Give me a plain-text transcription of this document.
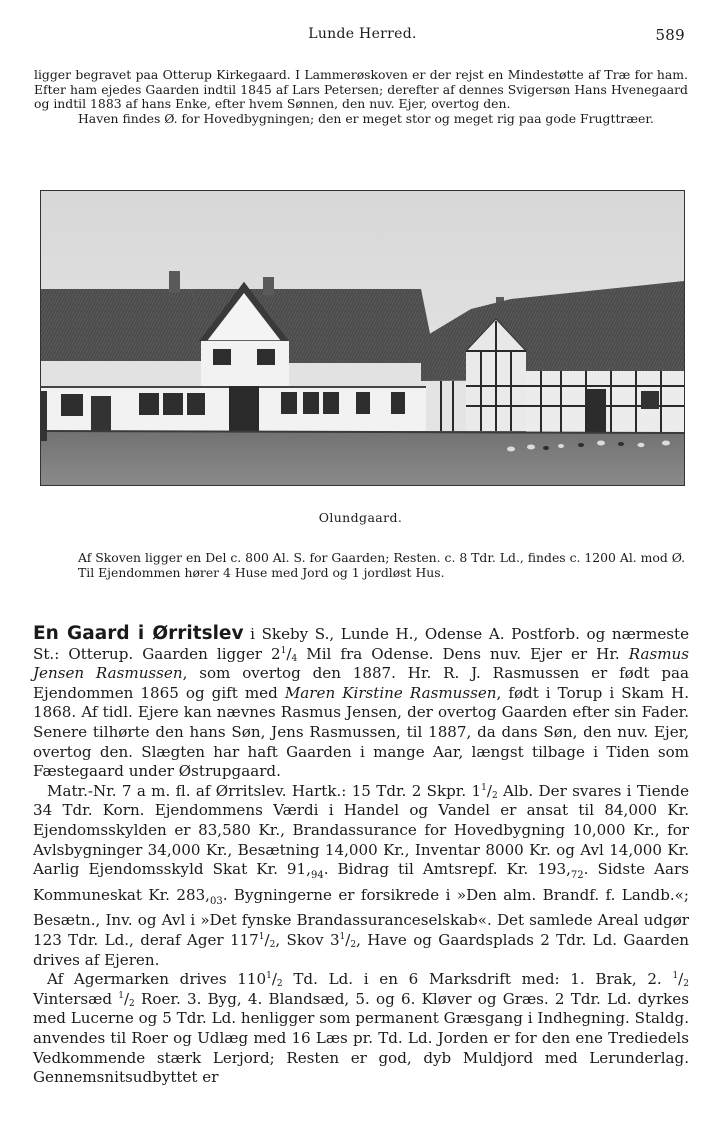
Lunde Herred.	589

ligger begravet paa Otterup Kirkegaard. I Lammerøskoven er der rejst en Mindestøtte af Træ for ham. Efter ham ejedes Gaarden indtil 1845 af Lars Petersen; derefter af dennes Svigersøn Hans Hvenegaard og indtil 1883 af hans Enke, efter hvem Sønnen, den nuv. Ejer, overtog den.

Haven findes Ø. for Hovedbygningen; den er meget stor og meget rig paa gode Frugttræer.

Olundgaard.

Af Skoven ligger en Del c. 800 Al. S. for Gaarden; Resten. c. 8 Tdr. Ld., findes c. 1200 Al. mod Ø.

Til Ejendommen hører 4 Huse med Jord og 1 jordløst Hus.

En Gaard i Ørritslev i Skeby S., Lunde H., Odense A. Postforb. og nærmeste St.: Otterup. Gaarden ligger $2^1/_4$ Mil fra Odense. Dens nuv. Ejer er Hr. Rasmus Jensen Rasmussen, som overtog den 1887. Hr. R. J. Rasmussen er født paa Ejendommen 1865 og gift med Maren Kirstine Rasmussen, født i Torup i Skam H. 1868. Af tidl. Ejere kan nævnes Rasmus Jensen, der overtog Gaarden efter sin Fader. Senere tilhørte den hans Søn, Jens Rasmussen, til 1887, da dans Søn, den nuv. Ejer, overtog den. Slægten har haft Gaarden i mange Aar, længst tilbage i Tiden som Fæstegaard under Østrupgaard.

Matr.-Nr. 7 a m. fl. af Ørritslev. Hartk.: 15 Tdr. 2 Skpr. $1^1/_2$ Alb. Der svares i Tiende 34 Tdr. Korn. Ejendommens Værdi i Handel og Vandel er ansat til 84,000 Kr. Ejendomsskylden er 83,580 Kr., Brandassurance for Hovedbygning 10,000 Kr., for Avlsbygninger 34,000 Kr., Besætning 14,000 Kr., Inventar 8000 Kr. og Avl 14,000 Kr. Aarlig Ejendomsskyld Skat Kr. $91,_{94}$. Bidrag til Amtsrepf. Kr. $193,_{72}$. Sidste Aars Kommuneskat Kr. $283,_{03}$. Bygningerne er forsikrede i »Den alm. Brandf. f. Landb.«; Besætn., Inv. og Avl i »Det fynske Brandassuranceselskab«. Det samlede Areal udgør 123 Tdr. Ld., deraf Ager $117^1/_2$, Skov $3^1/_2$, Have og Gaardsplads 2 Tdr. Ld. Gaarden drives af Ejeren.

Af Agermarken drives $110^1/_2$ Td. Ld. i en 6 Marksdrift med: 1. Brak, 2. $^1/_2$ Vintersæd $^1/_2$ Roer. 3. Byg, 4. Blandsæd, 5. og 6. Kløver og Græs. 2 Tdr. Ld. dyrkes med Lucerne og 5 Tdr. Ld. henligger som permanent Græsgang i Indhegning. Staldg. anvendes til Roer og Udlæg med 16 Læs pr. Td. Ld. Jorden er for den ene Trediedels Vedkommende stærk Lerjord; Resten er god, dyb Muldjord med Lerunderlag. Gennemsnitsudbyttet er
